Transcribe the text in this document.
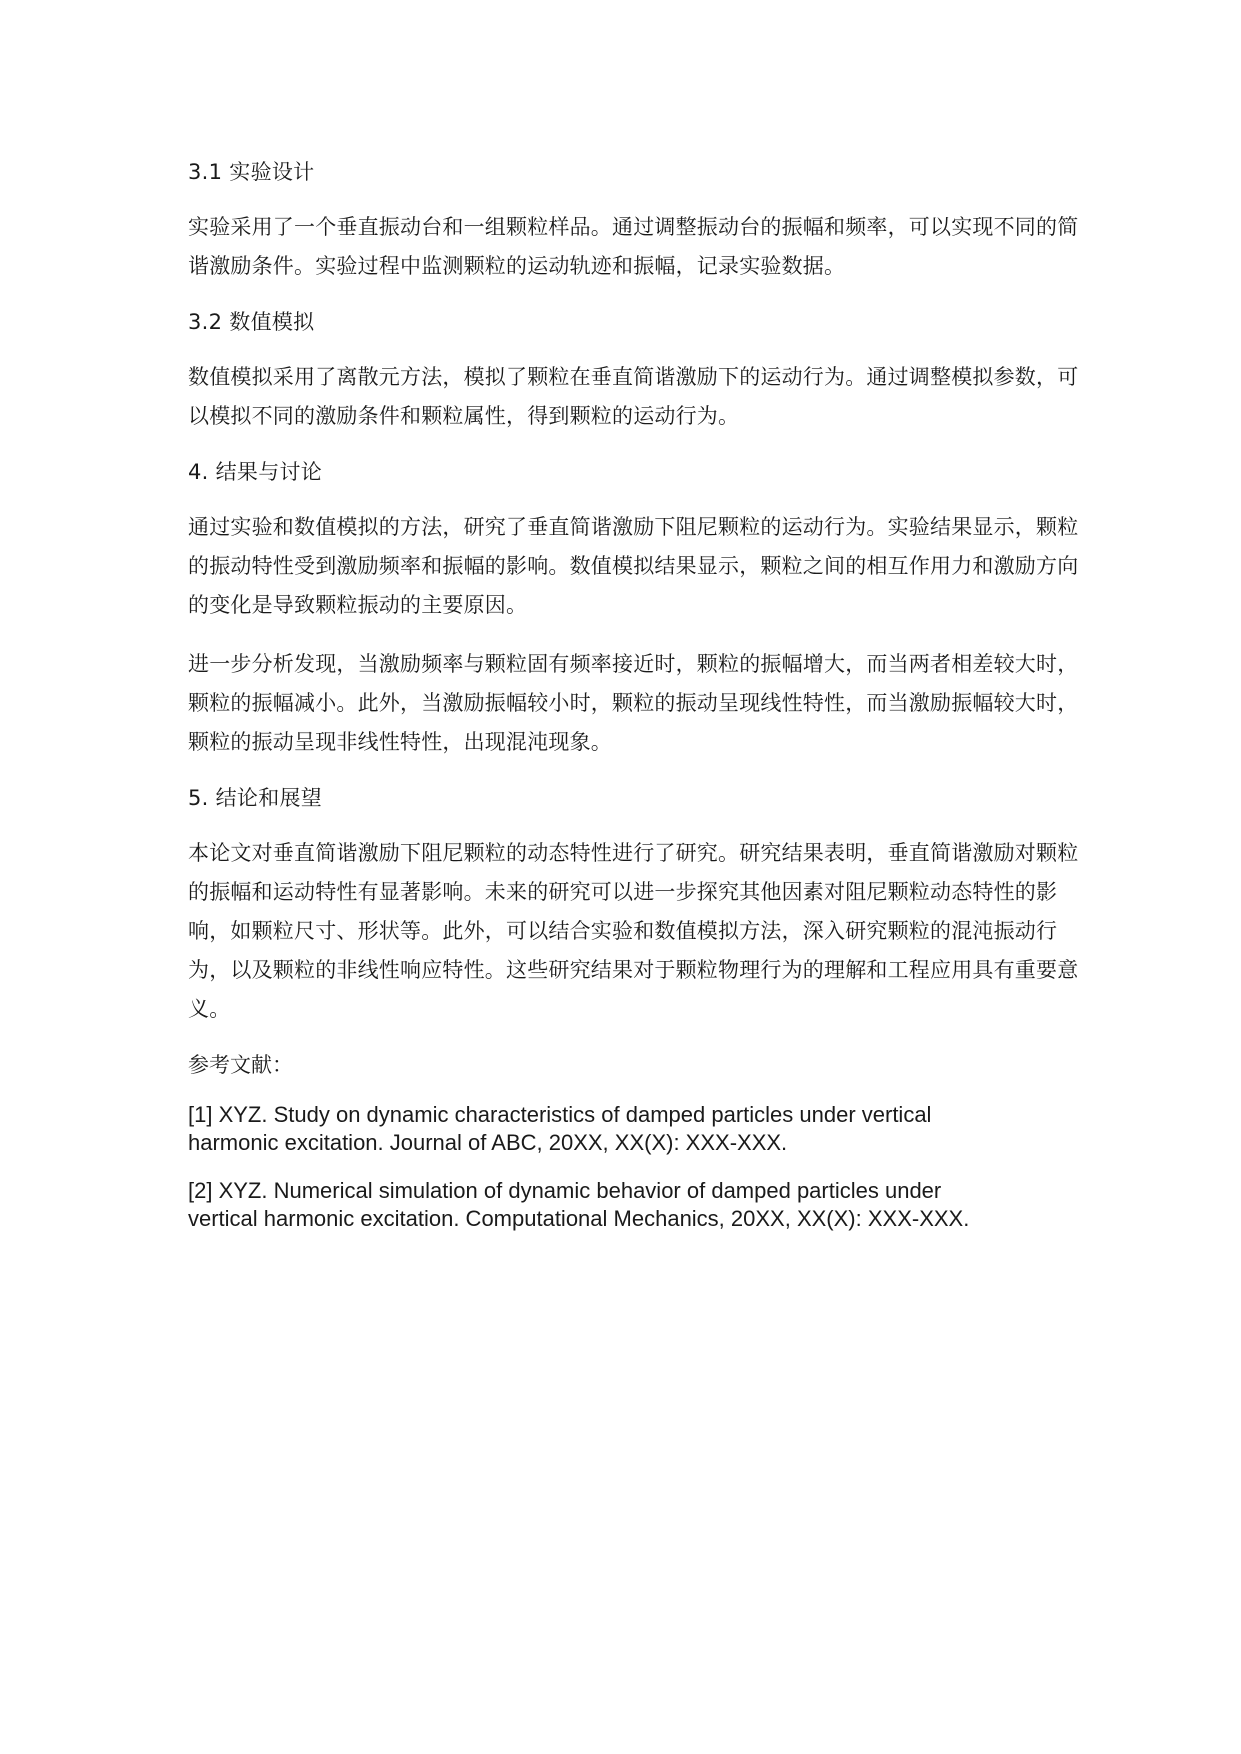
3.1 实验设计
实验采用了一个垂直振动台和一组颗粒样品。通过调整振动台的振幅和频率，可以实现不同的简谐激励条件。实验过程中监测颗粒的运动轨迹和振幅，记录实验数据。
3.2 数值模拟
数值模拟采用了离散元方法，模拟了颗粒在垂直简谐激励下的运动行为。通过调整模拟参数，可以模拟不同的激励条件和颗粒属性，得到颗粒的运动行为。
4. 结果与讨论
通过实验和数值模拟的方法，研究了垂直简谐激励下阻尼颗粒的运动行为。实验结果显示，颗粒的振动特性受到激励频率和振幅的影响。数值模拟结果显示，颗粒之间的相互作用力和激励方向的变化是导致颗粒振动的主要原因。
进一步分析发现，当激励频率与颗粒固有频率接近时，颗粒的振幅增大，而当两者相差较大时，颗粒的振幅减小。此外，当激励振幅较小时，颗粒的振动呈现线性特性，而当激励振幅较大时，颗粒的振动呈现非线性特性，出现混沌现象。
5. 结论和展望
本论文对垂直简谐激励下阻尼颗粒的动态特性进行了研究。研究结果表明，垂直简谐激励对颗粒的振幅和运动特性有显著影响。未来的研究可以进一步探究其他因素对阻尼颗粒动态特性的影响，如颗粒尺寸、形状等。此外，可以结合实验和数值模拟方法，深入研究颗粒的混沌振动行为，以及颗粒的非线性响应特性。这些研究结果对于颗粒物理行为的理解和工程应用具有重要意义。
参考文献：
[1] XYZ. Study on dynamic characteristics of damped particles under vertical harmonic excitation. Journal of ABC, 20XX, XX(X): XXX-XXX.
[2] XYZ. Numerical simulation of dynamic behavior of damped particles under vertical harmonic excitation. Computational Mechanics, 20XX, XX(X): XXX-XXX.
